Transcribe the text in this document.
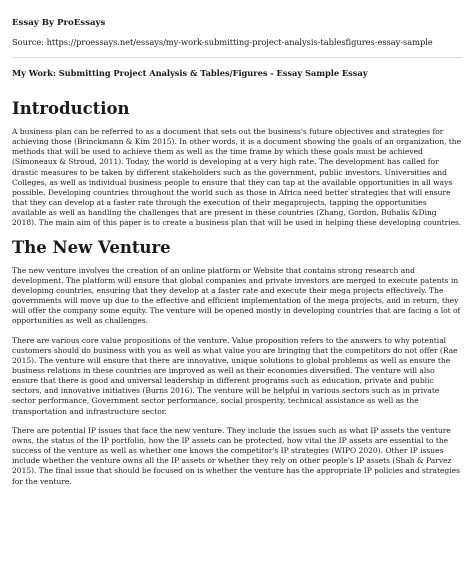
Essay By ProEssays
Source: https://proessays.net/essays/my-work-submitting-project-analysis-tablesfigures-essay-sample
My Work: Submitting Project Analysis & Tables/Figures - Essay Sample Essay
Introduction

A business plan can be referred to as a document that sets out the business's future objectives and strategies for achieving those (Brinckmann & Kim 2015). In other words, it is a document showing the goals of an organization, the methods that will be used to achieve them as well as the time frame by which these goals must be achieved (Simoneaux & Stroud, 2011). Today, the world is developing at a very high rate. The development has called for drastic measures to be taken by different stakeholders such as the government, public investors. Universities and Colleges, as well as individual business people to ensure that they can tap at the available opportunities in all ways possible. Developing countries throughout the world such as those in Africa need better strategies that will ensure that they can develop at a faster rate through the execution of their megaprojects, tapping the opportunities available as well as handling the challenges that are present in these countries (Zhang, Gordon, Buhalis &Ding 2018). The main aim of this paper is to create a business plan that will be used in helping these developing countries.

The New Venture

The new venture involves the creation of an online platform or Website that contains strong research and development. The platform will ensure that global companies and private investors are merged to execute patents in developing countries, ensuring that they develop at a faster rate and execute their mega projects effectively. The governments will move up due to the effective and efficient implementation of the mega projects, and in return, they will offer the company some equity. The venture will be opened mostly in developing countries that are facing a lot of opportunities as well as challenges.

There are various core value propositions of the venture. Value proposition refers to the answers to why potential customers should do business with you as well as what value you are bringing that the competitors do not offer (Rae 2015). The venture will ensure that there are innovative, unique solutions to global problems as well as ensure the business relations in these countries are improved as well as their economies diversified. The venture will also ensure that there is good and universal leadership in different programs such as education, private and public sectors, and innovative initiatives (Burns 2016). The venture will be helpful in various sectors such as in private sector performance, Government sector performance, social prosperity, technical assistance as well as the transportation and infrastructure sector.

There are potential IP issues that face the new venture. They include the issues such as what IP assets the venture owns, the status of the IP portfolio, how the IP assets can be protected, how vital the IP assets are essential to the success of the venture as well as whether one knows the competitor's IP strategies (WIPO 2020). Other IP issues include whether the venture owns all the IP assets or whether they rely on other people's IP assets (Shah & Parvez 2015). The final issue that should be focused on is whether the venture has the appropriate IP policies and strategies for the venture.
